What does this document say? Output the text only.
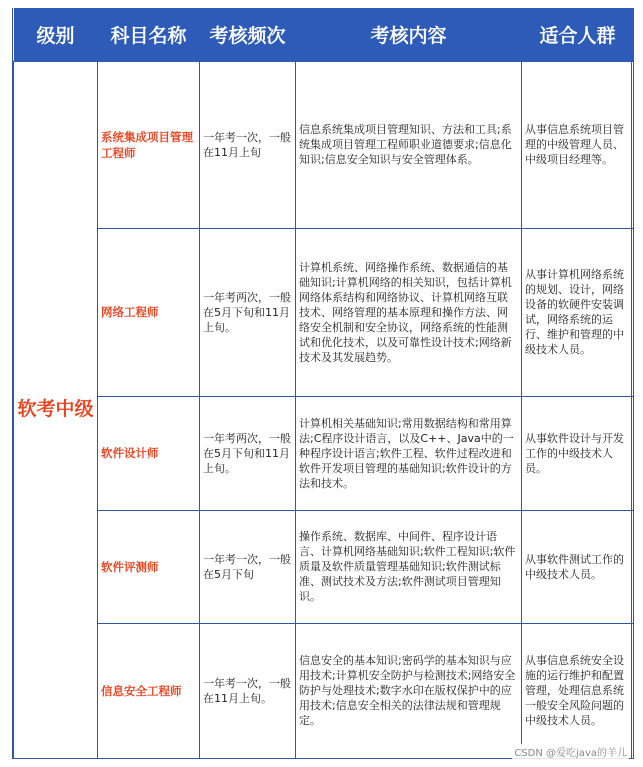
级别	科目名称	考核频次	考核内容	适合人群
软考中级	系统集成项目管理工程师	一年考一次，一般在11月上旬	信息系统集成项目管理知识、方法和工具;系统集成项目管理工程师职业道德要求;信息化知识;信息安全知识与安全管理体系。	从事信息系统项目管理的中级管理人员、中级项目经理等。
	网络工程师	一年考两次，一般在5月下旬和11月上旬。	计算机系统、网络操作系统、数据通信的基础知识;计算机网络的相关知识，包括计算机网络体系结构和网络协议、计算机网络互联技术、网络管理的基本原理和操作方法、网络安全机制和安全协议，网络系统的性能测试和优化技术，以及可靠性设计技术;网络新技术及其发展趋势。	从事计算机网络系统的规划、设计，网络设备的软硬件安装调试，网络系统的运行、维护和管理的中级技术人员。
	软件设计师	一年考两次，一般在5月下旬和11月上旬。	计算机相关基础知识;常用数据结构和常用算法;C程序设计语言，以及C++、Java中的一种程序设计语言;软件工程、软件过程改进和软件开发项目管理的基础知识;软件设计的方法和技术。	从事软件设计与开发工作的中级技术人员。
	软件评测师	一年考一次，一般在5月下旬	操作系统、数据库、中间件、程序设计语言、计算机网络基础知识;软件工程知识;软件质量及软件质量管理基础知识;软件测试标准、测试技术及方法;软件测试项目管理知识。	从事软件测试工作的中级技术人员。
	信息安全工程师	一年考一次，一般在11月上旬。	信息安全的基本知识;密码学的基本知识与应用技术;计算机安全防护与检测技术;网络安全防护与处理技术;数字水印在版权保护中的应用技术;信息安全相关的法律法规和管理规定。	从事信息系统安全设施的运行维护和配置管理，处理信息系统一般安全风险问题的中级技术人员。
CSDN @爱吃java的羊儿
